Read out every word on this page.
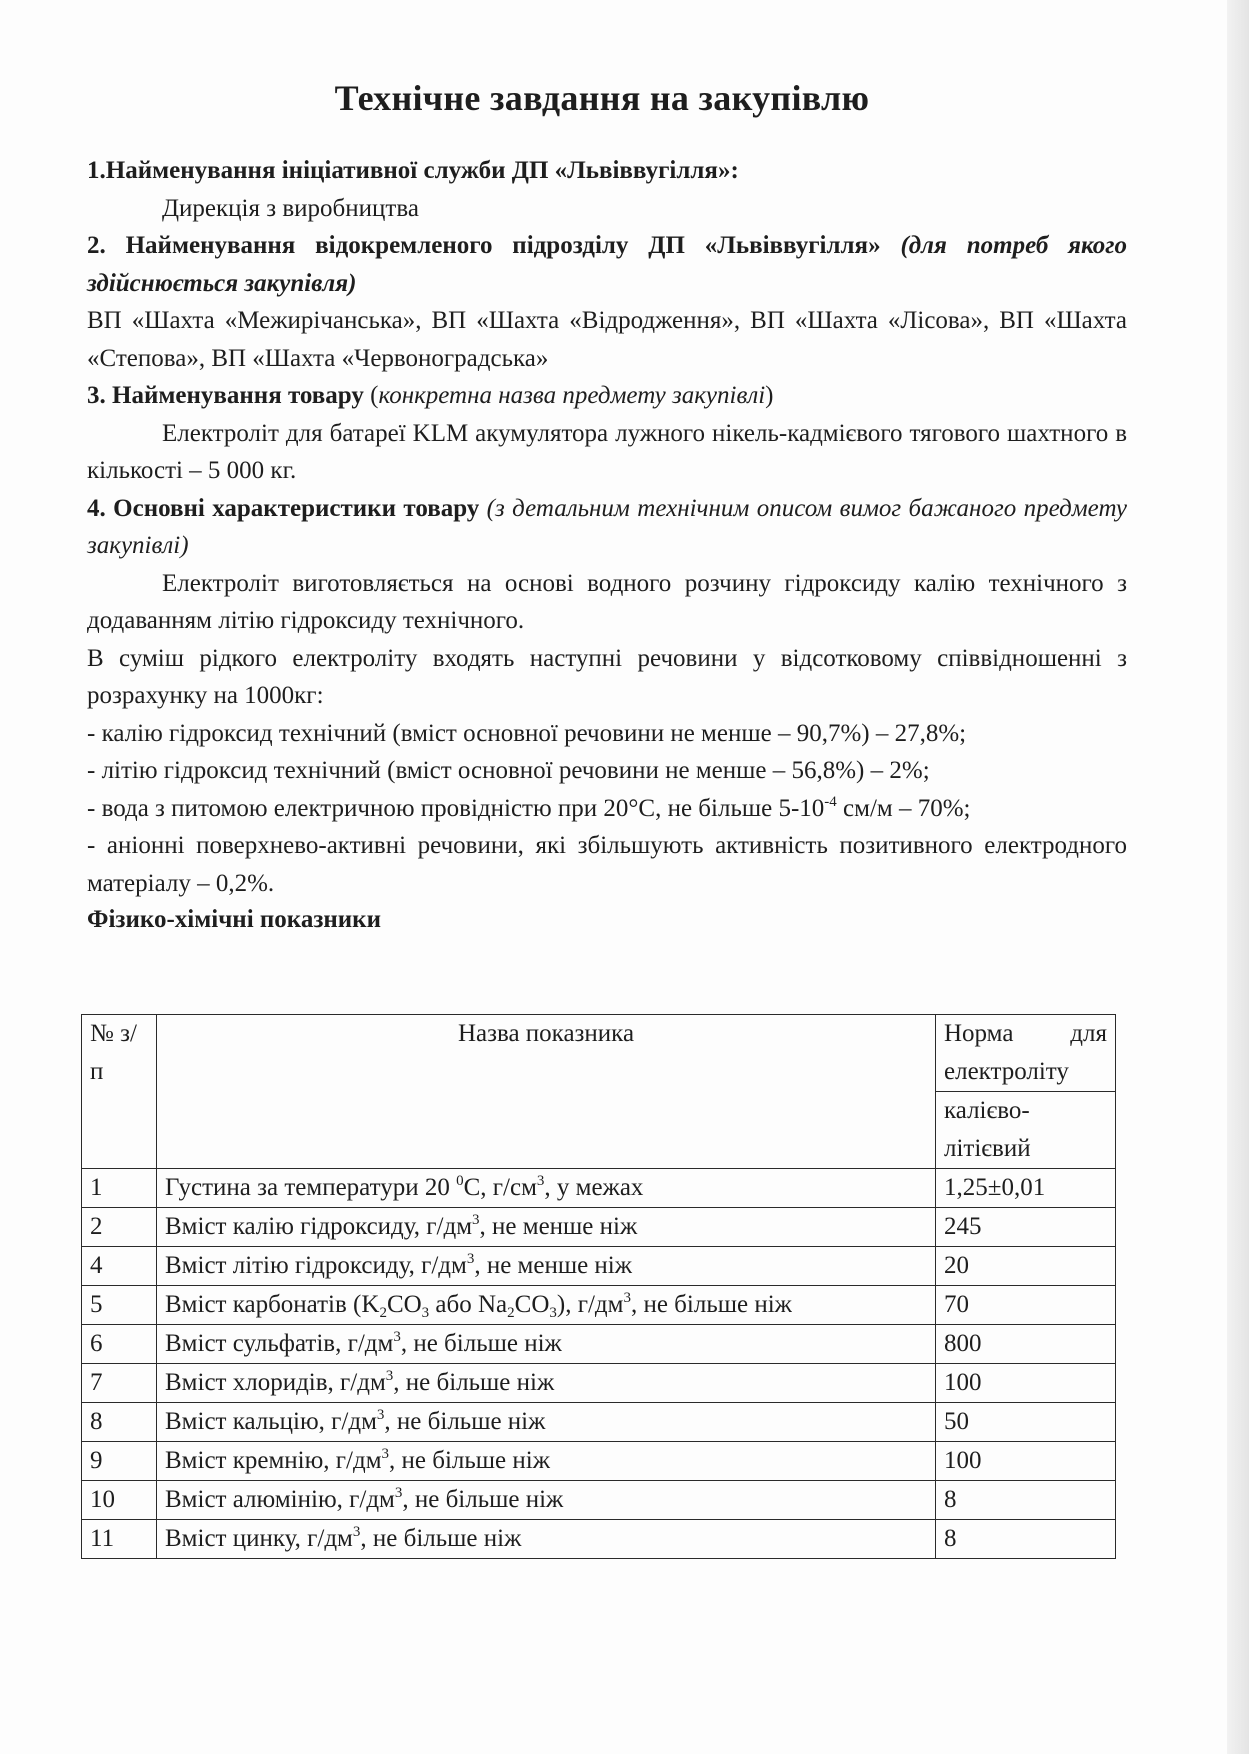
Технічне завдання на закупівлю

1.Найменування ініціативної служби ДП «Львіввугілля»:

Дирекція з виробництва

2. Найменування відокремленого підрозділу ДП «Львіввугілля» (для потреб якого здійснюється закупівля)

ВП «Шахта «Межирічанська», ВП «Шахта «Відродження», ВП «Шахта «Лісова», ВП «Шахта «Степова», ВП «Шахта «Червоноградська»

3. Найменування товару (конкретна назва предмету закупівлі)

Електроліт для батареї KLM акумулятора лужного нікель-кадмієвого тягового шахтного в кількості – 5 000 кг.

4. Основні характеристики товару (з детальним технічним описом вимог бажаного предмету закупівлі)

Електроліт виготовляється на основі водного розчину гідроксиду калію технічного з додаванням літію гідроксиду технічного.

В суміш рідкого електроліту входять наступні речовини у відсотковому співвідношенні з розрахунку на 1000кг:

- калію гідроксид технічний (вміст основної речовини не менше – 90,7%) – 27,8%;

- літію гідроксид технічний (вміст основної речовини не менше – 56,8%) – 2%;

- вода з питомою електричною провідністю при 20°С, не більше $5-10^{-4}$ см/м – 70%;

- аніонні поверхнево-активні речовини, які збільшують активність позитивного електродного матеріалу – 0,2%.

Фізико-хімічні показники

№ з/п	Назва показника	Норма для електроліту
		калієво-літієвий
1	Густина за температури 20 $^0$С, $г/см^3$, у межах	1,25±0,01
2	Вміст калію гідроксиду, $г/дм^3$, не менше ніж	245
4	Вміст літію гідроксиду, $г/дм^3$, не менше ніж	20
5	Вміст карбонатів ($K_2CO_3$ або $Na_2CO_3$), $г/дм^3$, не більше ніж	70
6	Вміст сульфатів, $г/дм^3$, не більше ніж	800
7	Вміст хлоридів, $г/дм^3$, не більше ніж	100
8	Вміст кальцію, $г/дм^3$, не більше ніж	50
9	Вміст кремнію, $г/дм^3$, не більше ніж	100
10	Вміст алюмінію, $г/дм^3$, не більше ніж	8
11	Вміст цинку, $г/дм^3$, не більше ніж	8
